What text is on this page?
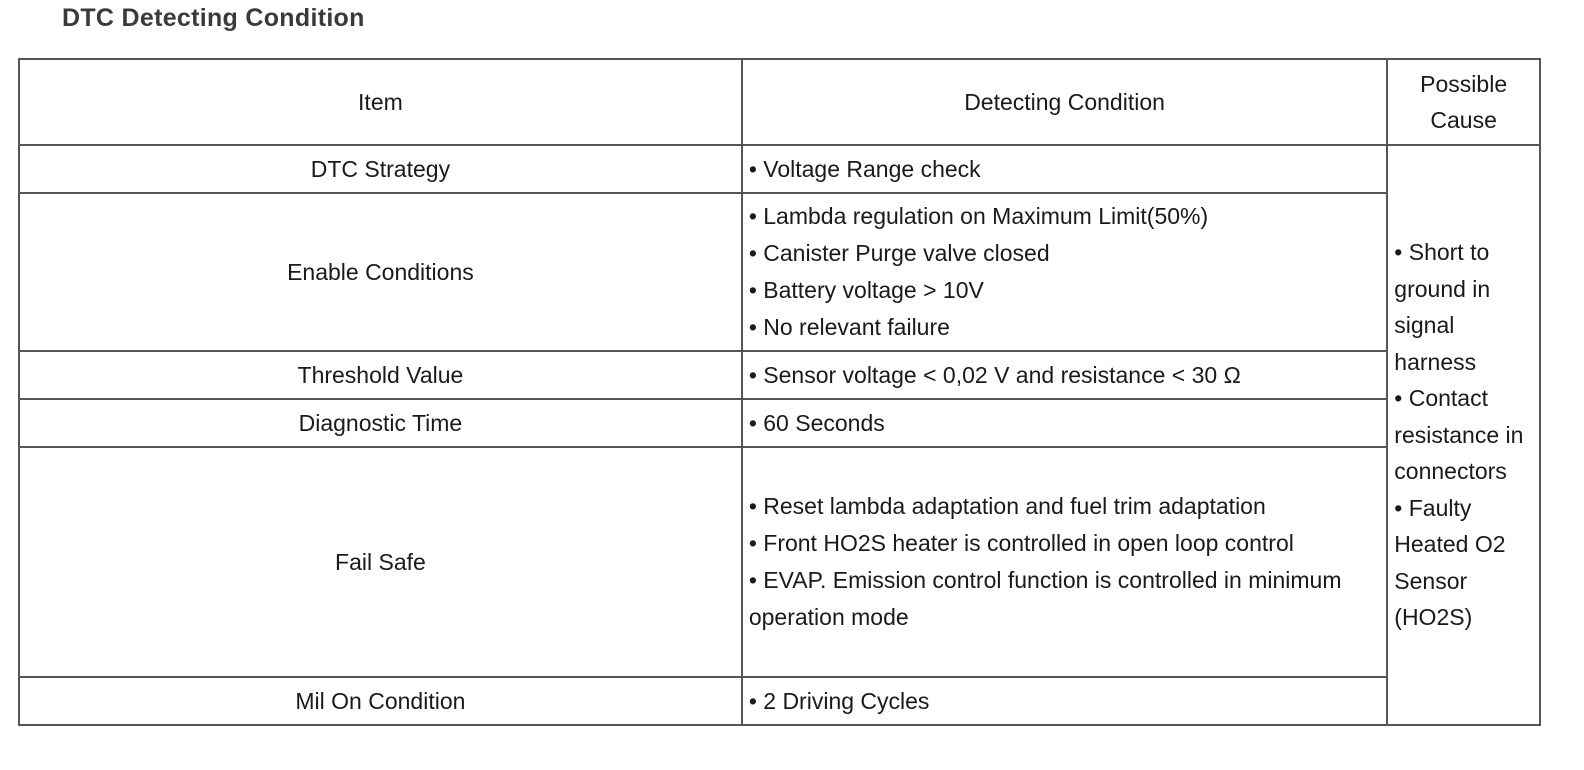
DTC Detecting Condition
Item	Detecting Condition	Possible
Cause

DTC Strategy	• Voltage Range check	• Short to ground in signal harness
• Contact resistance in connectors
• Faulty Heated O2 Sensor (HO2S)

Enable Conditions	• Lambda regulation on Maximum Limit(50%)
• Canister Purge valve closed
• Battery voltage > 10V
• No relevant failure	

Threshold Value	• Sensor voltage < 0,02 V and resistance < 30 Ω	

Diagnostic Time	• 60 Seconds	

Fail Safe	• Reset lambda adaptation and fuel trim adaptation
• Front HO2S heater is controlled in open loop control
• EVAP. Emission control function is controlled in minimum operation mode	

Mil On Condition	• 2 Driving Cycles	
